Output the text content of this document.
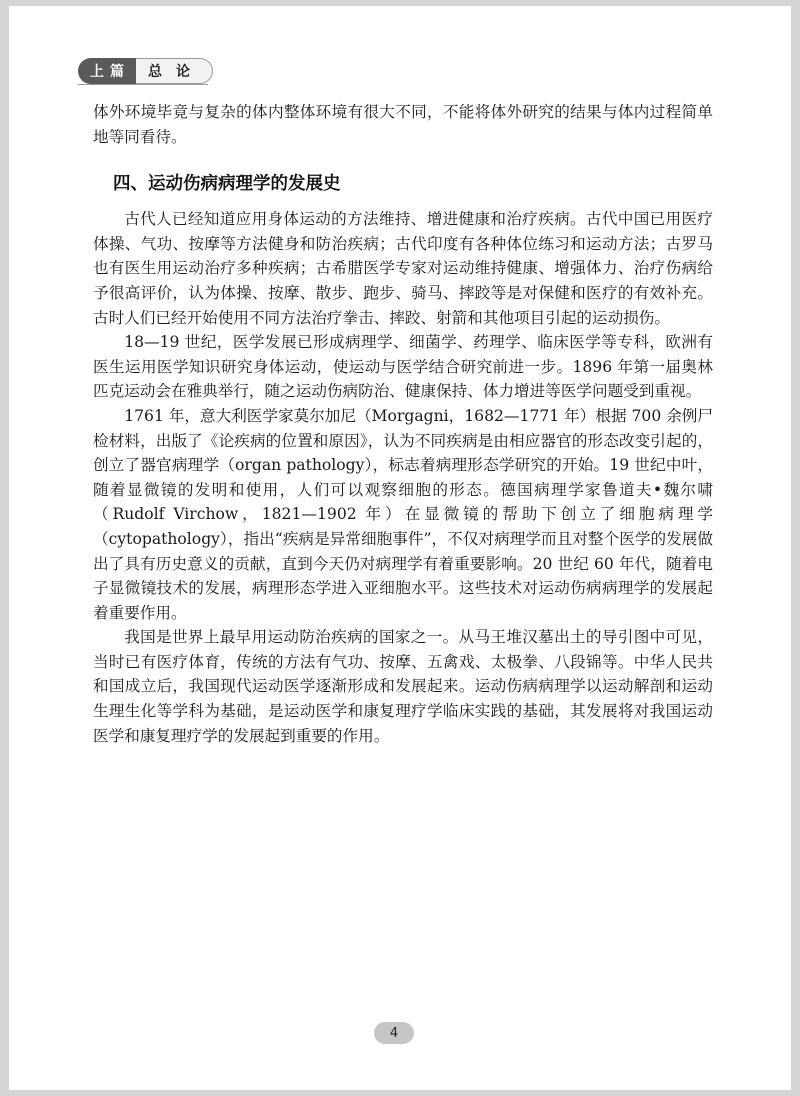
上篇	总论

体外环境毕竟与复杂的体内整体环境有很大不同，不能将体外研究的结果与体内过程简单地等同看待。

四、运动伤病病理学的发展史

古代人已经知道应用身体运动的方法维持、增进健康和治疗疾病。古代中国已用医疗体操、气功、按摩等方法健身和防治疾病；古代印度有各种体位练习和运动方法；古罗马也有医生用运动治疗多种疾病；古希腊医学专家对运动维持健康、增强体力、治疗伤病给予很高评价，认为体操、按摩、散步、跑步、骑马、摔跤等是对保健和医疗的有效补充。古时人们已经开始使用不同方法治疗拳击、摔跤、射箭和其他项目引起的运动损伤。

18—19 世纪，医学发展已形成病理学、细菌学、药理学、临床医学等专科，欧洲有医生运用医学知识研究身体运动，使运动与医学结合研究前进一步。1896 年第一届奥林匹克运动会在雅典举行，随之运动伤病防治、健康保持、体力增进等医学问题受到重视。

1761 年，意大利医学家莫尔加尼（Morgagni，1682—1771 年）根据 700 余例尸检材料，出版了《论疾病的位置和原因》，认为不同疾病是由相应器官的形态改变引起的，创立了器官病理学（organ pathology），标志着病理形态学研究的开始。19 世纪中叶，随着显微镜的发明和使用，人们可以观察细胞的形态。德国病理学家鲁道夫•魏尔啸（Rudolf Virchow，1821—1902 年）在显微镜的帮助下创立了细胞病理学（cytopathology），指出“疾病是异常细胞事件”，不仅对病理学而且对整个医学的发展做出了具有历史意义的贡献，直到今天仍对病理学有着重要影响。20 世纪 60 年代，随着电子显微镜技术的发展，病理形态学进入亚细胞水平。这些技术对运动伤病病理学的发展起着重要作用。

我国是世界上最早用运动防治疾病的国家之一。从马王堆汉墓出土的导引图中可见，当时已有医疗体育，传统的方法有气功、按摩、五禽戏、太极拳、八段锦等。中华人民共和国成立后，我国现代运动医学逐渐形成和发展起来。运动伤病病理学以运动解剖和运动生理生化等学科为基础，是运动医学和康复理疗学临床实践的基础，其发展将对我国运动医学和康复理疗学的发展起到重要的作用。

4
